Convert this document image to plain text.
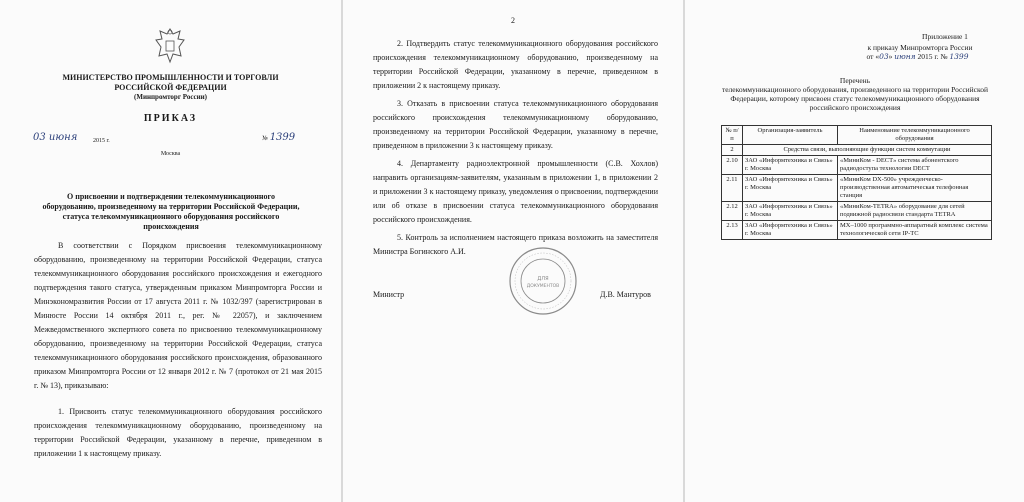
МИНИСТЕРСТВО ПРОМЫШЛЕННОСТИ И ТОРГОВЛИ РОССИЙСКОЙ ФЕДЕРАЦИИ
(Минпромторг России)
ПРИКАЗ
03 июня	2015 г.	№ 1399
Москва
О присвоении и подтверждении телекоммуникационного оборудованию, произведенному на территории Российской Федерации, статуса телекоммуникационного оборудования российского происхождения

В соответствии с Порядком присвоения телекоммуникационному оборудованию, произведенному на территории Российской Федерации, статуса телекоммуникационного оборудования российского происхождения и ежегодного подтверждения такого статуса, утвержденным приказом Минпромторга России и Минэкономразвития России от 17 августа 2011 г. № 1032/397 (зарегистрирован в Минюсте России 14 октября 2011 г., рег. № 22057), и заключением Межведомственного экспертного совета по присвоению телекоммуникационному оборудованию, произведенному на территории Российской Федерации, статуса телекоммуникационного оборудования российского происхождения, образованного приказом Минпромторга России от 12 января 2012 г. № 7 (протокол от 21 мая 2015 г. № 13), приказываю:

1. Присвоить статус телекоммуникационного оборудования российского происхождения телекоммуникационному оборудованию, произведенному на территории Российской Федерации, указанному в перечне, приведенном в приложении 1 к настоящему приказу.

2

2. Подтвердить статус телекоммуникационного оборудования российского происхождения телекоммуникационному оборудованию, произведенному на территории Российской Федерации, указанному в перечне, приведенном в приложении 2 к настоящему приказу.

3. Отказать в присвоении статуса телекоммуникационного оборудования российского происхождения телекоммуникационному оборудованию, произведенному на территории Российской Федерации, указанному в перечне, приведенном в приложении 3 к настоящему приказу.

4. Департаменту радиоэлектронной промышленности (С.В. Хохлов) направить организациям-заявителям, указанным в приложении 1, в приложении 2 и приложении 3 к настоящему приказу, уведомления о присвоении, подтверждении или об отказе в присвоении статуса телекоммуникационного оборудования российского происхождения.

5. Контроль за исполнением настоящего приказа возложить на заместителя Министра Богинского А.И.

ДЛЯ
ДОКУМЕНТОВ
Министр	Д.В. Мантуров
Приложение 1
к приказу Минпромторга России
от «03» июня 2015 г. № 1399
Перечень
телекоммуникационного оборудования, произведенного на территории Российской Федерации, которому присвоен статус телекоммуникационного оборудования российского происхождения
№ п/п	Организация-заявитель	Наименование телекоммуникационного оборудования
2	Средства связи, выполняющие функции систем коммутации	
2.10	ЗАО «Информтехника и Связь» г. Москва	«МиниКом - DECT» система абонентского радиодоступа технологии DECT
2.11	ЗАО «Информтехника и Связь» г. Москва	«МиниКом DX-500» учрежденческо-производственная автоматическая телефонная станция
2.12	ЗАО «Информтехника и Связь» г. Москва	«МиниКом-TETRA» оборудование для сетей подвижной радиосвязи стандарта TETRA
2.13	ЗАО «Информтехника и Связь» г. Москва	МХ–1000 программно-аппаратный комплекс система технологической сети IP-TC
